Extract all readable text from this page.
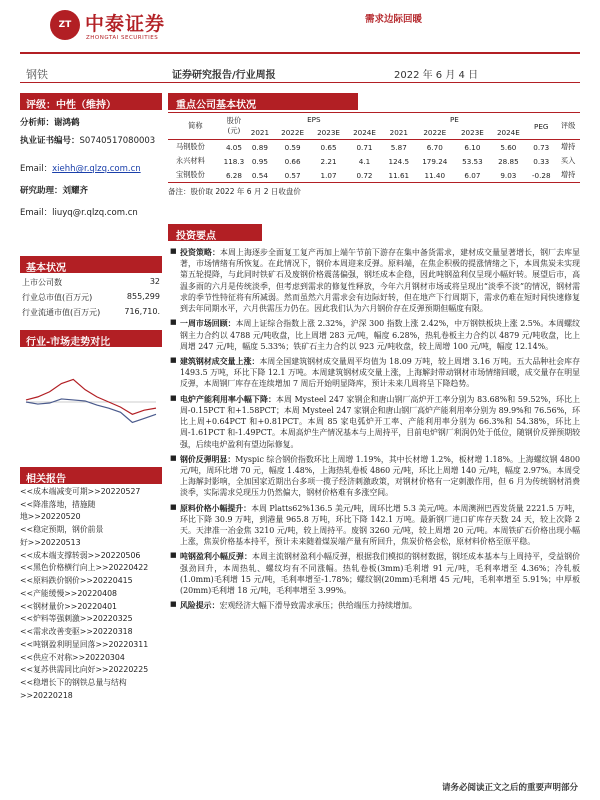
ZT 中泰证券
ZHONGTAI SECURITIES
需求边际回暖
钢铁	证券研究报告/行业周报	2022 年 6 月 4 日
评级：中性（维持）
分析师：谢鸿鹤
执业证书编号：S0740517080003
Email：xiehh@r.qlzq.com.cn
研究助理：刘耀齐
Email：liuyq@r.qlzq.com.cn
基本状况
上市公司数	32
行业总市值(百万元)	855,299
行业流通市值(百万元)	716,710.
行业-市场走势对比
相关报告
<<成本端减变可期>>20220527
<<降准落地，措施随
地>>20220520
<<稳定预期，钢价前景
好>>20220513
<<成本端支撑转弱>>20220506
<<黑色价格横行向上>>20220422
<<原料跌价钢价>>20220415
<<产能缓慢>>20220408
<<钢材量价>>20220401
<<炉料等强刺激>>20220325
<<需求改善变驱>>20220318
<<吨钢盈利明显回落>>20220311
<<供应不对称>>20220304
<<复苏供需同比向好>>20220225
<<稳增长下的钢铁总量与结构
>>20220218
重点公司基本状况
简称	股价(元)	EPS				PE				PEG	评级
		2021	2022E	2023E	2024E	2021	2022E	2023E	2024E		
马钢股份	4.05	0.89	0.59	0.65	0.71	5.87	6.70	6.10	5.60	0.73	增持
永兴材料	118.3	0.95	0.66	2.21	4.1	124.5	179.24	53.53	28.85	0.33	买入
宝钢股份	6.28	0.54	0.57	1.07	0.72	11.61	11.40	6.07	9.03	-0.28	增持
备注：股价取 2022 年 6 月 2 日收盘价
投资要点
■ 投资策略：本周上海逐步全面复工复产再加上端午节前下游存在集中备货需求，建材成交量显著增长，钢厂去库显著，市场情绪有所恢复。在此情况下，钢价本周迎来反弹。原料端，在焦企积极的提涨情绪之下，本周焦炭未实现第五轮提降，与此同时铁矿石及废钢价格震荡偏强，钢坯成本企稳，因此吨钢盈利仅呈现小幅好转。展望后市，高温多雨的六月是传统淡季，但考虑到需求的修复性释放，今年六月钢材市场或将呈现出“淡季不淡”的情况，钢材需求的季节性特征将有所减弱。然而虽然六月需求会有边际好转，但在地产下行周期下，需求仍难在短时间快速修复到去年同期水平，六月供需压力仍在。因此我们认为六月钢价存在反弹预期但幅度有限。
■ 一周市场回顾：本周上证综合指数上涨 2.32%，沪深 300 指数上涨 2.42%，中万钢铁板块上涨 2.5%。本周螺纹钢主力合约以 4788 元/吨收盘，比上周增 283 元/吨，幅度 6.28%，热轧卷板主力合约以 4879 元/吨收盘，比上周增 247 元/吨，幅度 5.33%；铁矿石主力合约以 923 元/吨收盘，较上周增 100 元/吨，幅度 12.14%。
■ 建筑钢材成交量上涨：本周全国建筑钢材成交量周平均值为 18.09 万吨，较上周增 3.16 万吨。五大品种社会库存 1493.5 万吨，环比下降 12.1 万吨。本周建筑钢材成交量上涨，上海解封带动钢材市场情绪回暖，成交量存在明显反弹，本周钢厂库存在连续增加 7 周后开始明显降库，预计未来几周将呈下降趋势。
■ 电炉产能利用率小幅下降：本周 Mysteel 247 家钢企和唐山钢厂高炉开工率分别为 83.68%和 59.52%，环比上周-0.15PCT 和+1.58PCT；本周 Mysteel 247 家钢企和唐山钢厂高炉产能利用率分别为 89.9%和 76.56%，环比上周+0.64PCT 和+0.81PCT。本周 85 家电弧炉开工率、产能利用率分别为 66.3%和 54.38%，环比上周-1.61PCT 和-1.49PCT。本周高炉生产情况基本与上周持平，目前电炉钢厂利润仍处于低位，随钢价反弹预期较强，后续电炉盈利有望边际修复。
■ 钢价反弹明显：Myspic 综合钢价指数环比上周增 1.19%，其中长材增 1.2%，板材增 1.18%。上海螺纹钢 4800 元/吨，周环比增 70 元，幅度 1.48%，上海热轧卷板 4860 元/吨，环比上周增 140 元/吨，幅度 2.97%。本周受上海解封影响，全加国家近期出台多项一揽子经济刺激政策，对钢材价格有一定刺激作用，但 6 月为传统钢材消费淡季，实际需求兑现压力仍然偏大，钢材价格难有多涨空间。
■ 原料价格小幅提升：本周 Platts62%136.5 美元/吨，周环比增 5.3 美元/吨。本周澳洲巴西发货量 2221.5 万吨，环比下降 30.9 万吨，到港量 965.8 万吨，环比下降 142.1 万吨。最新钢厂进口矿库存天数 24 天，较上次降 2 天。天津准一冶金焦 3210 元/吨，较上周持平。废钢 3260 元/吨，较上周增 20 元/吨。本周铁矿石价格出现小幅上涨，焦炭价格基本持平，预计未来随着煤炭端产量有所回升，焦炭价格会松，原材料价格至原平稳。
■ 吨钢盈利小幅反弹：本周主流钢材盈利小幅反弹，根据我们模拟的钢材数据，钢坯成本基本与上周持平，受益钢价强劲回升，本周热轧、螺纹均有不同涨幅。热轧卷板(3mm)毛利增 91 元/吨，毛利率增至 4.36%；冷轧板(1.0mm)毛利增 15 元/吨，毛利率增至-1.78%；螺纹钢(20mm)毛利增 45 元/吨，毛利率增至 5.91%；中厚板(20mm)毛利增 18 元/吨，毛利率增至 3.99%。
■ 风险提示：宏观经济大幅下滑导致需求承压；供给端压力持续增加。
请务必阅读正文之后的重要声明部分
